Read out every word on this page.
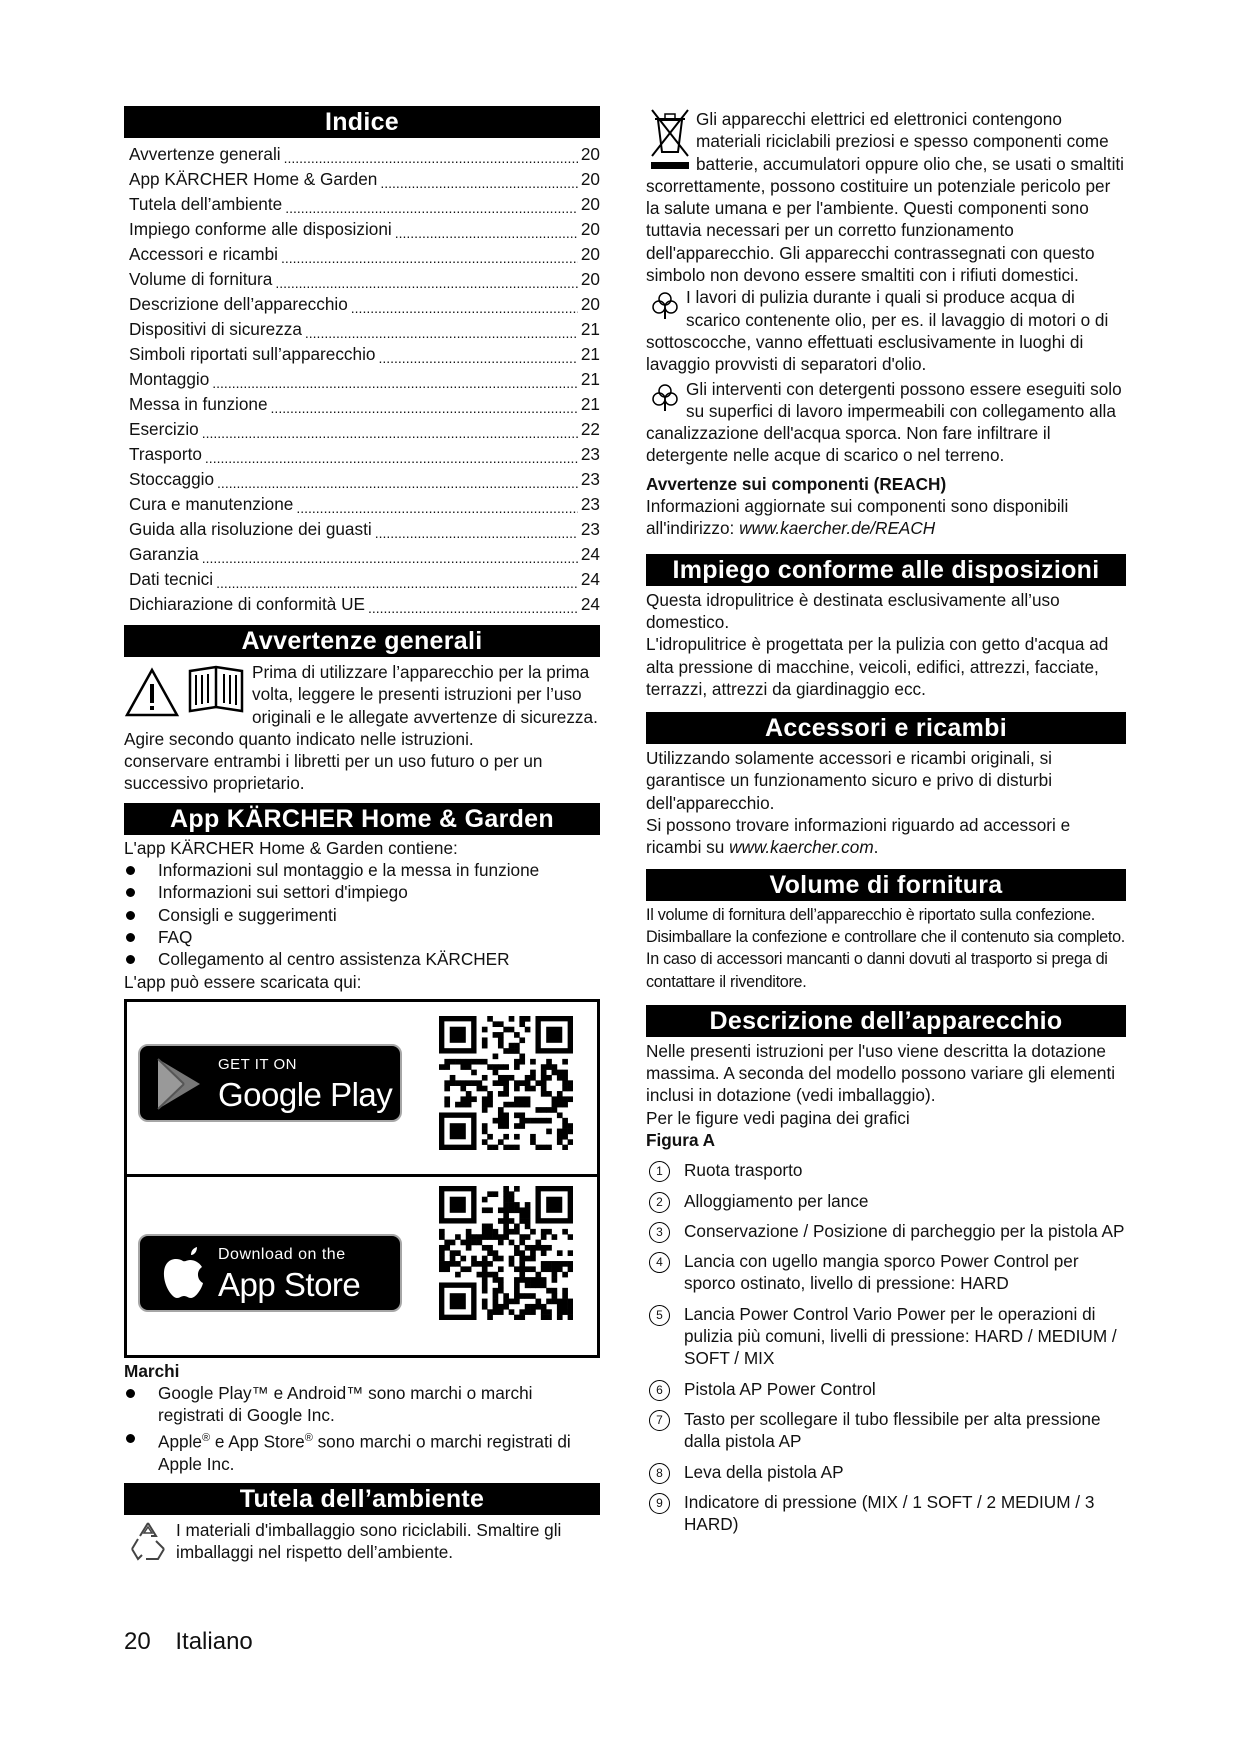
Indice
Avvertenze generali .....	20
App KÄRCHER Home & Garden .....	20
Tutela dell’ambiente .....	20
Impiego conforme alle disposizioni .....	20
Accessori e ricambi .....	20
Volume di fornitura .....	20
Descrizione dell’apparecchio .....	20
Dispositivi di sicurezza .....	21
Simboli riportati sull’apparecchio .....	21
Montaggio .....	21
Messa in funzione .....	21
Esercizio .....	22
Trasporto .....	23
Stoccaggio .....	23
Cura e manutenzione .....	23
Guida alla risoluzione dei guasti .....	23
Garanzia .....	24
Dati tecnici .....	24
Dichiarazione di conformità UE .....	24
Avvertenze generali

Prima di utilizzare l’apparecchio per la prima volta, leggere le presenti istruzioni per l’uso originali e le allegate avvertenze di sicurezza. Agire secondo quanto indicato nelle istruzioni.

conservare entrambi i libretti per un uso futuro o per un successivo proprietario.

App KÄRCHER Home & Garden

L'app KÄRCHER Home & Garden contiene:

Informazioni sul montaggio e la messa in funzione
Informazioni sui settori d'impiego
Consigli e suggerimenti
FAQ
Collegamento al centro assistenza KÄRCHER

L'app può essere scaricata qui:

GET IT ON
Google Play
Download on the
App Store

Marchi

Google Play™ e Android™ sono marchi o marchi registrati di Google Inc.
Apple® e App Store® sono marchi o marchi registrati di Apple Inc.
Tutela dell’ambiente

I materiali d'imballaggio sono riciclabili. Smaltire gli imballaggi nel rispetto dell’ambiente.

Gli apparecchi elettrici ed elettronici contengono materiali riciclabili preziosi e spesso componenti come batterie, accumulatori oppure olio che, se usati o smaltiti scorrettamente, possono costituire un potenziale pericolo per la salute umana e per l'ambiente. Questi componenti sono tuttavia necessari per un corretto funzionamento dell'apparecchio. Gli apparecchi contrassegnati con questo simbolo non devono essere smaltiti con i rifiuti domestici.

I lavori di pulizia durante i quali si produce acqua di scarico contenente olio, per es. il lavaggio di motori o di sottoscocche, vanno effettuati esclusivamente in luoghi di lavaggio provvisti di separatori d'olio.

Gli interventi con detergenti possono essere eseguiti solo su superfici di lavoro impermeabili con collegamento alla canalizzazione dell'acqua sporca. Non fare infiltrare il detergente nelle acque di scarico o nel terreno.

Avvertenze sui componenti (REACH)

Informazioni aggiornate sui componenti sono disponibili all'indirizzo: www.kaercher.de/REACH

Impiego conforme alle disposizioni

Questa idropulitrice è destinata esclusivamente all’uso domestico.

L'idropulitrice è progettata per la pulizia con getto d'acqua ad alta pressione di macchine, veicoli, edifici, attrezzi, facciate, terrazzi, attrezzi da giardinaggio ecc.

Accessori e ricambi

Utilizzando solamente accessori e ricambi originali, si garantisce un funzionamento sicuro e privo di disturbi dell'apparecchio.

Si possono trovare informazioni riguardo ad accessori e ricambi su www.kaercher.com.

Volume di fornitura

Il volume di fornitura dell’apparecchio è riportato sulla confezione. Disimballare la confezione e controllare che il contenuto sia completo. In caso di accessori mancanti o danni dovuti al trasporto si prega di contattare il rivenditore.

Descrizione dell’apparecchio

Nelle presenti istruzioni per l'uso viene descritta la dotazione massima. A seconda del modello possono variare gli elementi inclusi in dotazione (vedi imballaggio).

Per le figure vedi pagina dei grafici

Figura A

1	Ruota trasporto
2	Alloggiamento per lance
3	Conservazione / Posizione di parcheggio per la pistola AP
4	Lancia con ugello mangia sporco Power Control per sporco ostinato, livello di pressione: HARD
5	Lancia Power Control Vario Power per le operazioni di pulizia più comuni, livelli di pressione: HARD / MEDIUM / SOFT / MIX
6	Pistola AP Power Control
7	Tasto per scollegare il tubo flessibile per alta pressione dalla pistola AP
8	Leva della pistola AP
9	Indicatore di pressione (MIX / 1 SOFT / 2 MEDIUM / 3 HARD)
20 Italiano
